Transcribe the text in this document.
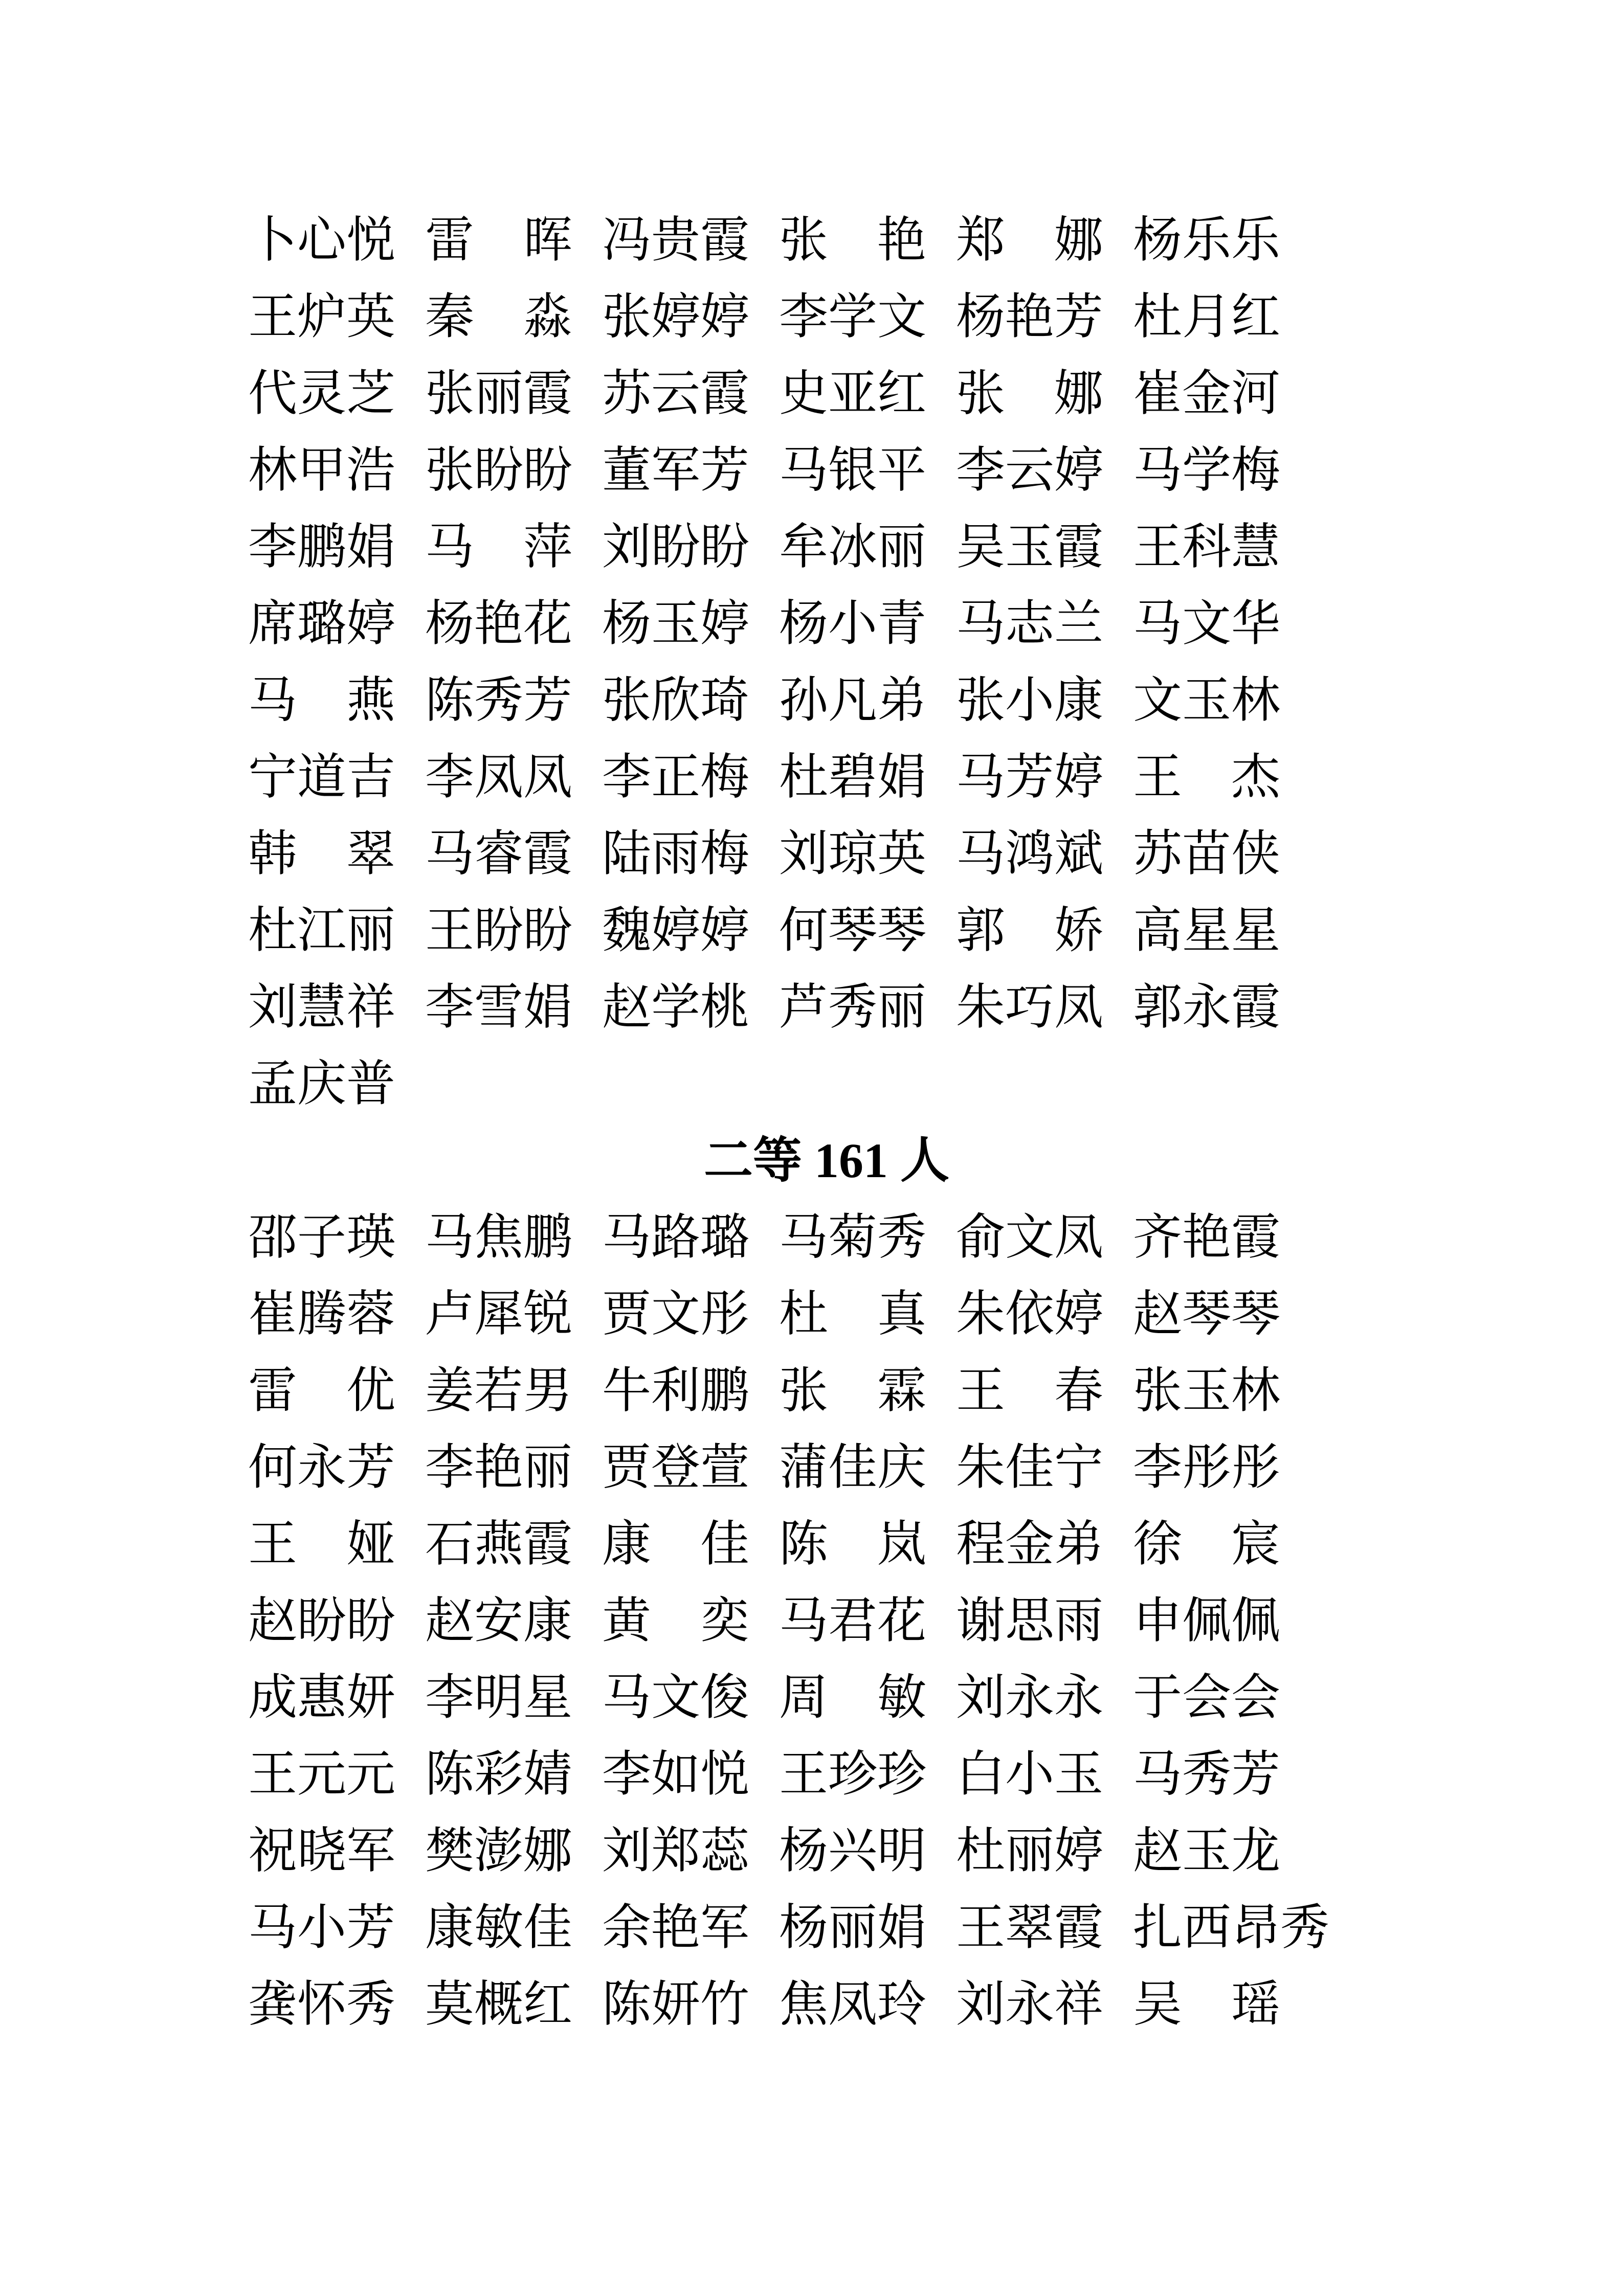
卜心悦 雷　晖 冯贵霞 张　艳 郑　娜 杨乐乐
王炉英 秦　淼 张婷婷 李学文 杨艳芳 杜月红
代灵芝 张丽霞 苏云霞 史亚红 张　娜 崔金河
林甲浩 张盼盼 董军芳 马银平 李云婷 马学梅
李鹏娟 马　萍 刘盼盼 牟冰丽 吴玉霞 王科慧
席璐婷 杨艳花 杨玉婷 杨小青 马志兰 马文华
马　燕 陈秀芳 张欣琦 孙凡弟 张小康 文玉林
宁道吉 李凤凤 李正梅 杜碧娟 马芳婷 王　杰
韩　翠 马睿霞 陆雨梅 刘琼英 马鸿斌 苏苗侠
杜江丽 王盼盼 魏婷婷 何琴琴 郭　娇 高星星
刘慧祥 李雪娟 赵学桃 芦秀丽 朱巧凤 郭永霞
孟庆普
二等 161 人
邵子瑛 马焦鹏 马路璐 马菊秀 俞文凤 齐艳霞
崔腾蓉 卢犀锐 贾文彤 杜　真 朱依婷 赵琴琴
雷　优 姜若男 牛利鹏 张　霖 王　春 张玉林
何永芳 李艳丽 贾登萱 蒲佳庆 朱佳宁 李彤彤
王　娅 石燕霞 康　佳 陈　岚 程金弟 徐　宸
赵盼盼 赵安康 黄　奕 马君花 谢思雨 申佩佩
成惠妍 李明星 马文俊 周　敏 刘永永 于会会
王元元 陈彩婧 李如悦 王珍珍 白小玉 马秀芳
祝晓军 樊澎娜 刘郑蕊 杨兴明 杜丽婷 赵玉龙
马小芳 康敏佳 余艳军 杨丽娟 王翠霞 扎西昂秀
龚怀秀 莫概红 陈妍竹 焦凤玲 刘永祥 吴　瑶
